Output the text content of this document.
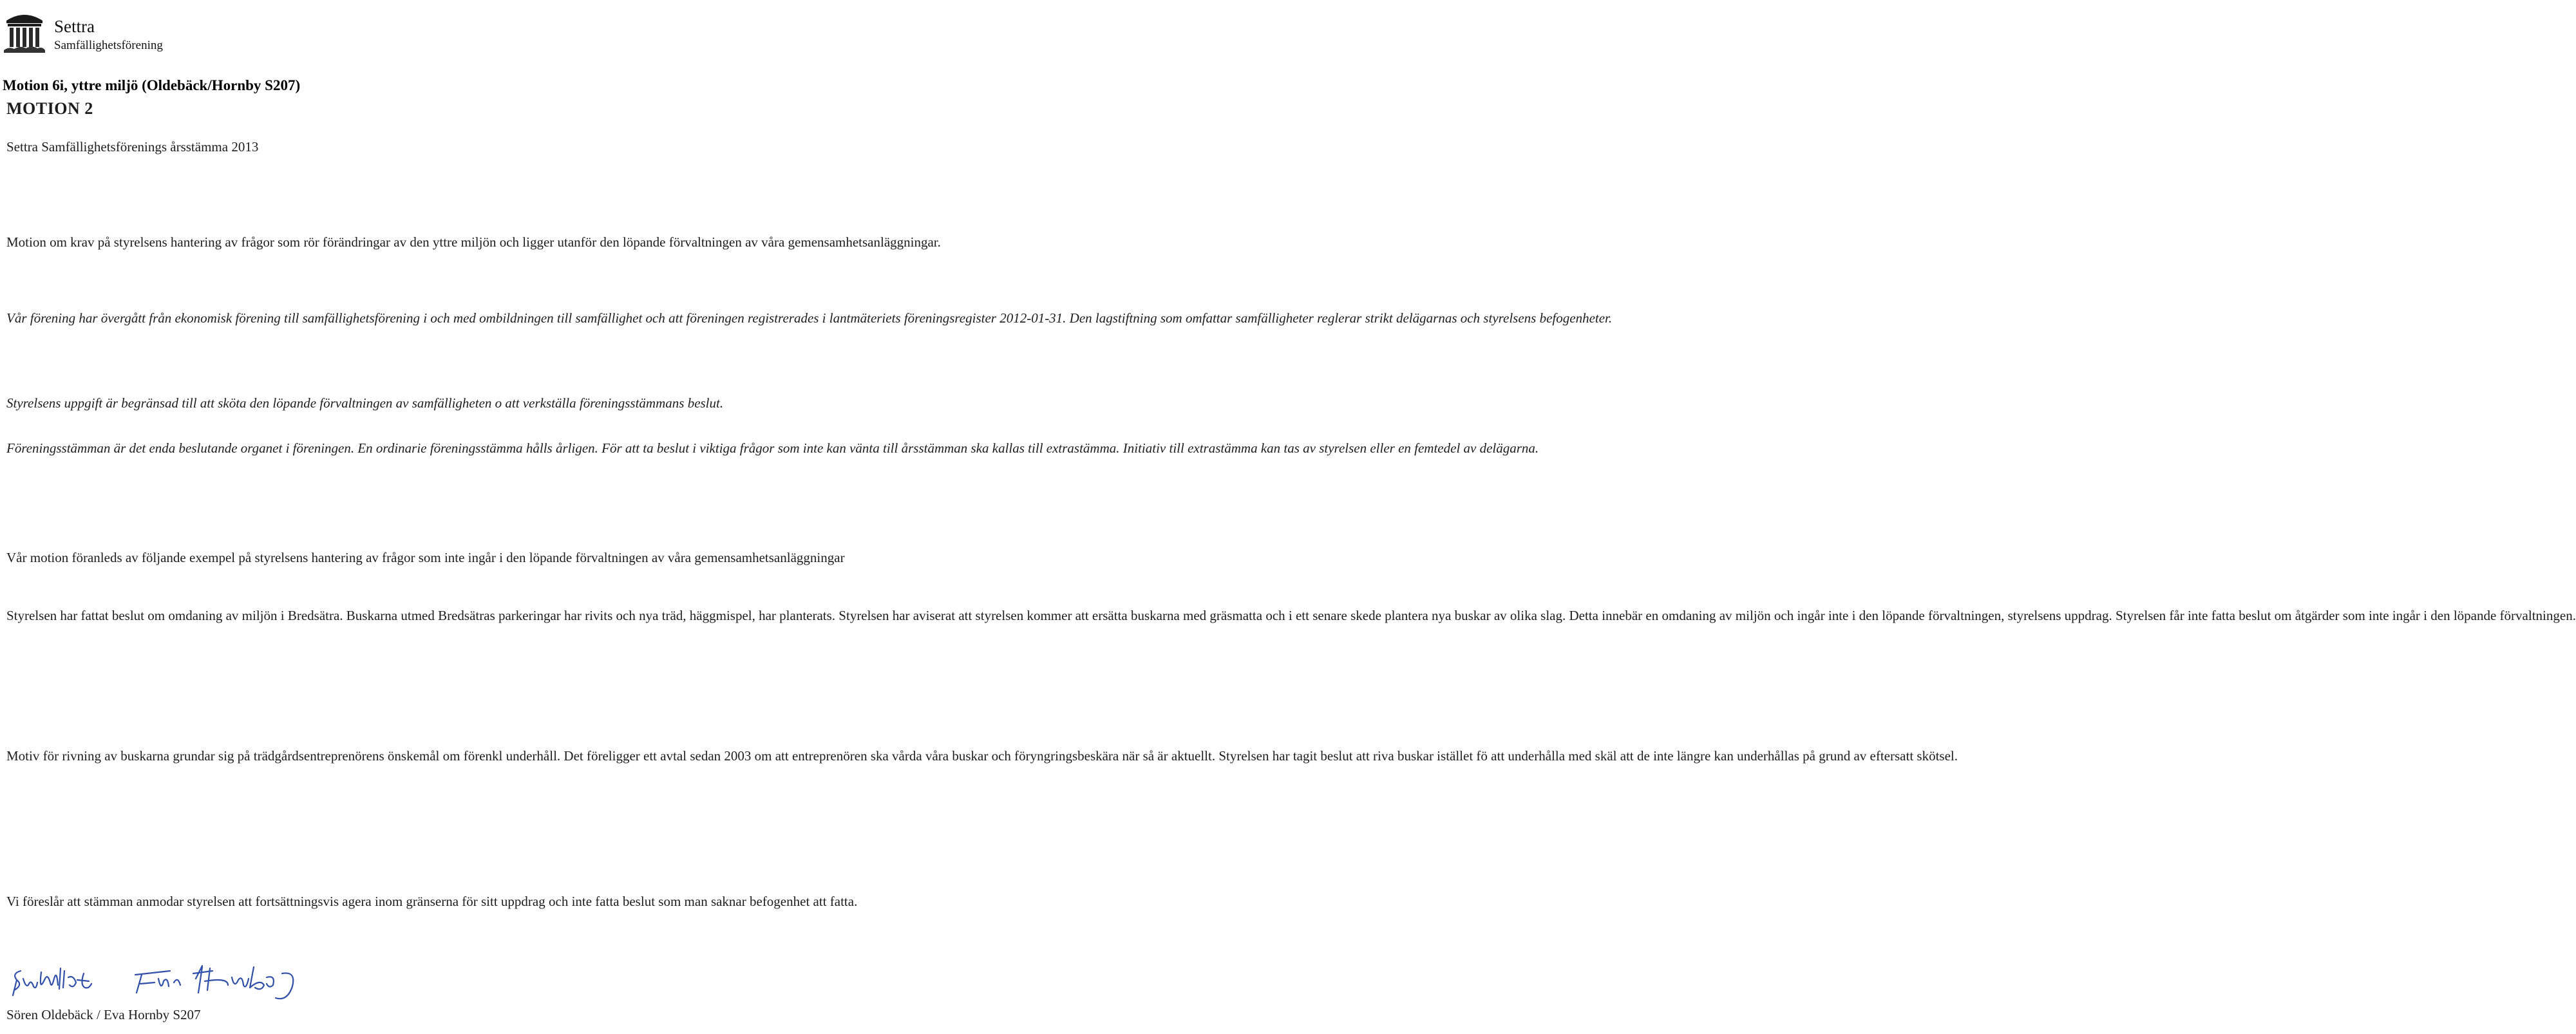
Settra
Samfällighetsförening
Motion 6i, yttre miljö (Oldebäck/Hornby S207)
MOTION 2
Settra Samfällighetsförenings årsstämma 2013
Motion om krav på styrelsens hantering av frågor som rör förändringar av den yttre miljön och ligger utanför den löpande förvaltningen av våra gemensamhetsanläggningar.
Vår förening har övergått från ekonomisk förening till samfällighetsförening i och med ombildningen till samfällighet och att föreningen registrerades i lantmäteriets föreningsregister 2012-01-31. Den lagstiftning som omfattar samfälligheter reglerar strikt delägarnas och styrelsens befogenheter.
Styrelsens uppgift är begränsad till att sköta den löpande förvaltningen av samfälligheten o att verkställa föreningsstämmans beslut.
Föreningsstämman är det enda beslutande organet i föreningen. En ordinarie föreningsstämma hålls årligen. För att ta beslut i viktiga frågor som inte kan vänta till årsstämman ska kallas till extrastämma. Initiativ till extrastämma kan tas av styrelsen eller en femtedel av delägarna.
Vår motion föranleds av följande exempel på styrelsens hantering av frågor som inte ingår i den löpande förvaltningen av våra gemensamhetsanläggningar
Styrelsen har fattat beslut om omdaning av miljön i Bredsätra. Buskarna utmed Bredsätras parkeringar har rivits och nya träd, häggmispel, har planterats. Styrelsen har aviserat att styrelsen kommer att ersätta buskarna med gräsmatta och i ett senare skede plantera nya buskar av olika slag. Detta innebär en omdaning av miljön och ingår inte i den löpande förvaltningen, styrelsens uppdrag. Styrelsen får inte fatta beslut om åtgärder som inte ingår i den löpande förvaltningen.
Motiv för rivning av buskarna grundar sig på trädgårdsentreprenörens önskemål om förenkl underhåll. Det föreligger ett avtal sedan 2003 om att entreprenören ska vårda våra buskar och föryngringsbeskära när så är aktuellt. Styrelsen har tagit beslut att riva buskar istället fö att underhålla med skäl att de inte längre kan underhållas på grund av eftersatt skötsel.
Vi föreslår att stämman anmodar styrelsen att fortsättningsvis agera inom gränserna för sitt uppdrag och inte fatta beslut som man saknar befogenhet att fatta.
Sören Oldebäck / Eva Hornby S207
